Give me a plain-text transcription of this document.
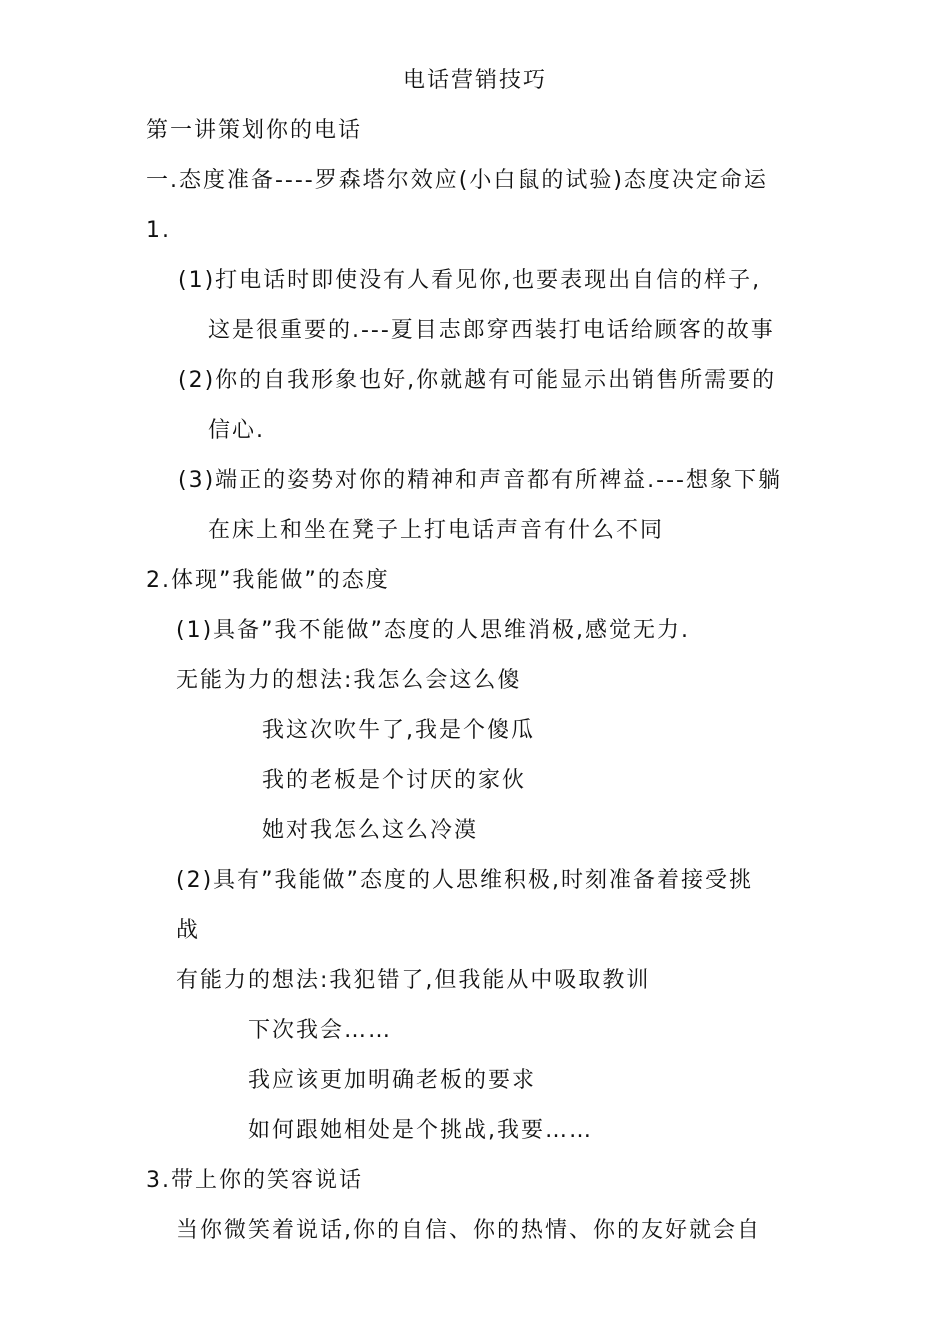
电话营销技巧
第一讲策划你的电话
一.态度准备----罗森塔尔效应(小白鼠的试验)态度决定命运
1.
(1)打电话时即使没有人看见你,也要表现出自信的样子,
这是很重要的.---夏目志郎穿西装打电话给顾客的故事
(2)你的自我形象也好,你就越有可能显示出销售所需要的
信心.
(3)端正的姿势对你的精神和声音都有所裨益.---想象下躺
在床上和坐在凳子上打电话声音有什么不同
2.体现”我能做”的态度
(1)具备”我不能做”态度的人思维消极,感觉无力.
无能为力的想法:我怎么会这么傻
我这次吹牛了,我是个傻瓜
我的老板是个讨厌的家伙
她对我怎么这么冷漠
(2)具有”我能做”态度的人思维积极,时刻准备着接受挑
战
有能力的想法:我犯错了,但我能从中吸取教训
下次我会……
我应该更加明确老板的要求
如何跟她相处是个挑战,我要……
3.带上你的笑容说话
当你微笑着说话,你的自信、你的热情、你的友好就会自
